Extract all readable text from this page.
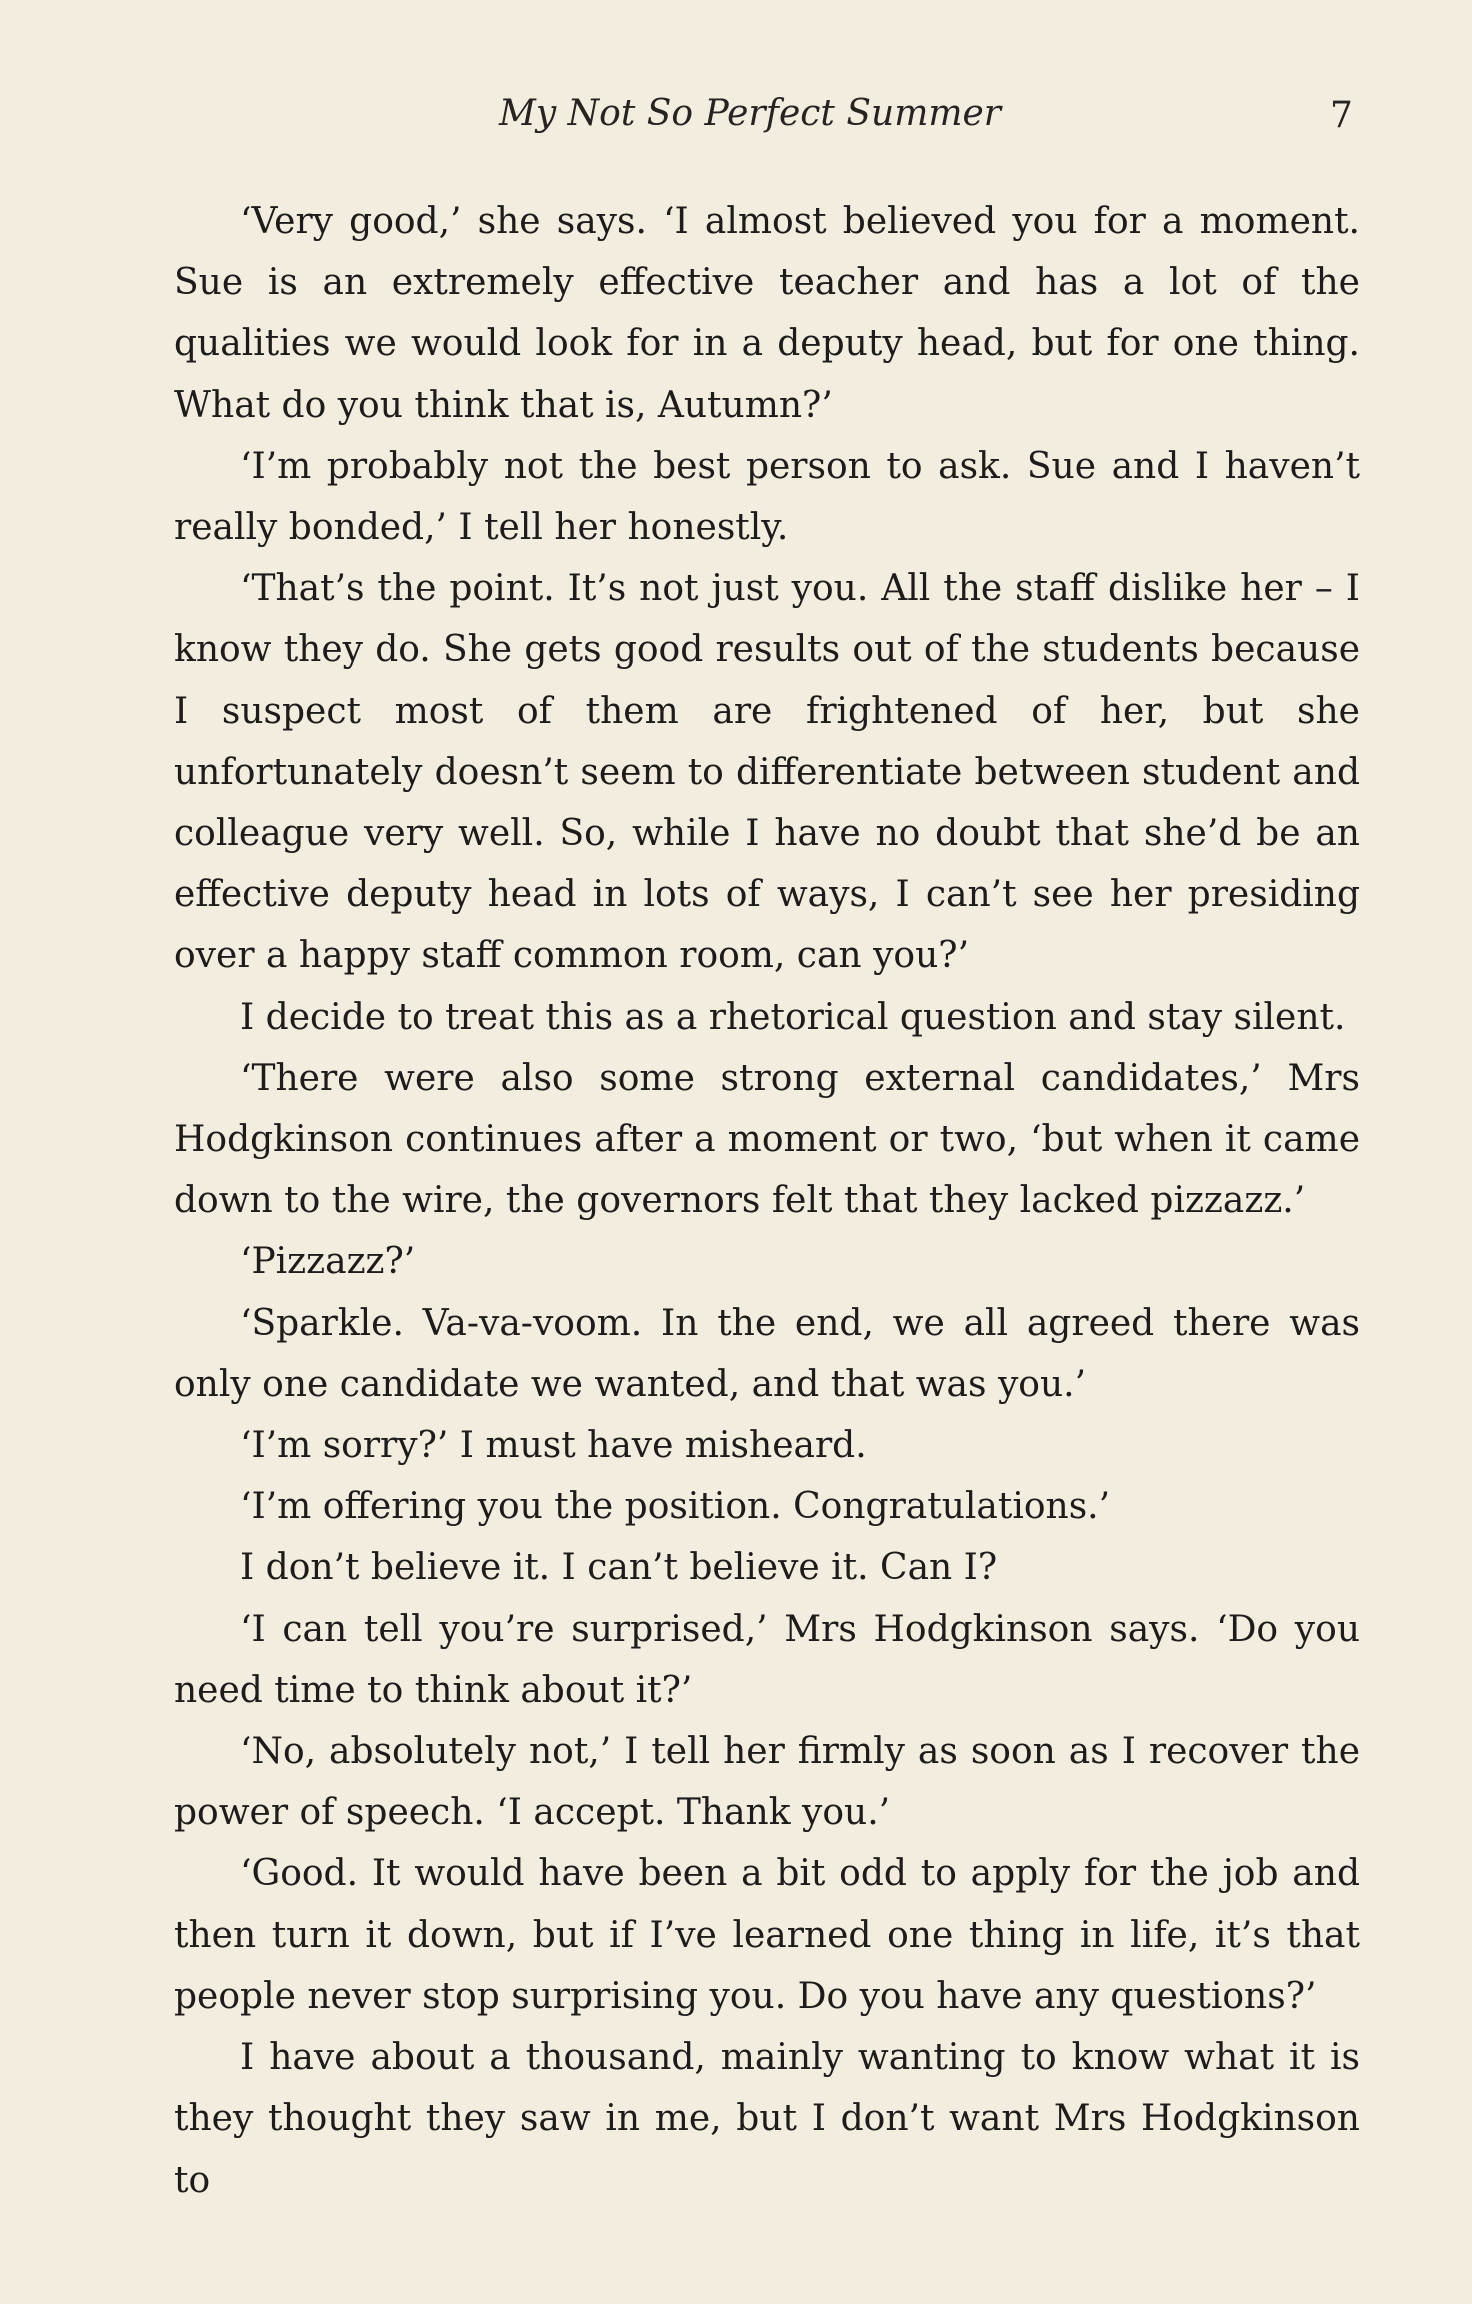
My Not So Perfect Summer	7

‘Very good,’ she says. ‘I almost believed you for a moment. Sue is an extremely effective teacher and has a lot of the qualities we would look for in a deputy head, but for one thing. What do you think that is, Autumn?’

‘I’m probably not the best person to ask. Sue and I haven’t really bonded,’ I tell her honestly.

‘That’s the point. It’s not just you. All the staff dislike her – I know they do. She gets good results out of the students because I suspect most of them are frightened of her, but she unfortunately doesn’t seem to differentiate between student and colleague very well. So, while I have no doubt that she’d be an effective deputy head in lots of ways, I can’t see her presiding over a happy staff common room, can you?’

I decide to treat this as a rhetorical question and stay silent.

‘There were also some strong external candidates,’ Mrs Hodgkinson continues after a moment or two, ‘but when it came down to the wire, the governors felt that they lacked pizzazz.’

‘Pizzazz?’

‘Sparkle. Va-va-voom. In the end, we all agreed there was only one candidate we wanted, and that was you.’

‘I’m sorry?’ I must have misheard.

‘I’m offering you the position. Congratulations.’

I don’t believe it. I can’t believe it. Can I?

‘I can tell you’re surprised,’ Mrs Hodgkinson says. ‘Do you need time to think about it?’

‘No, absolutely not,’ I tell her firmly as soon as I recover the power of speech. ‘I accept. Thank you.’

‘Good. It would have been a bit odd to apply for the job and then turn it down, but if I’ve learned one thing in life, it’s that people never stop surprising you. Do you have any questions?’

I have about a thousand, mainly wanting to know what it is they thought they saw in me, but I don’t want Mrs Hodgkinson to
